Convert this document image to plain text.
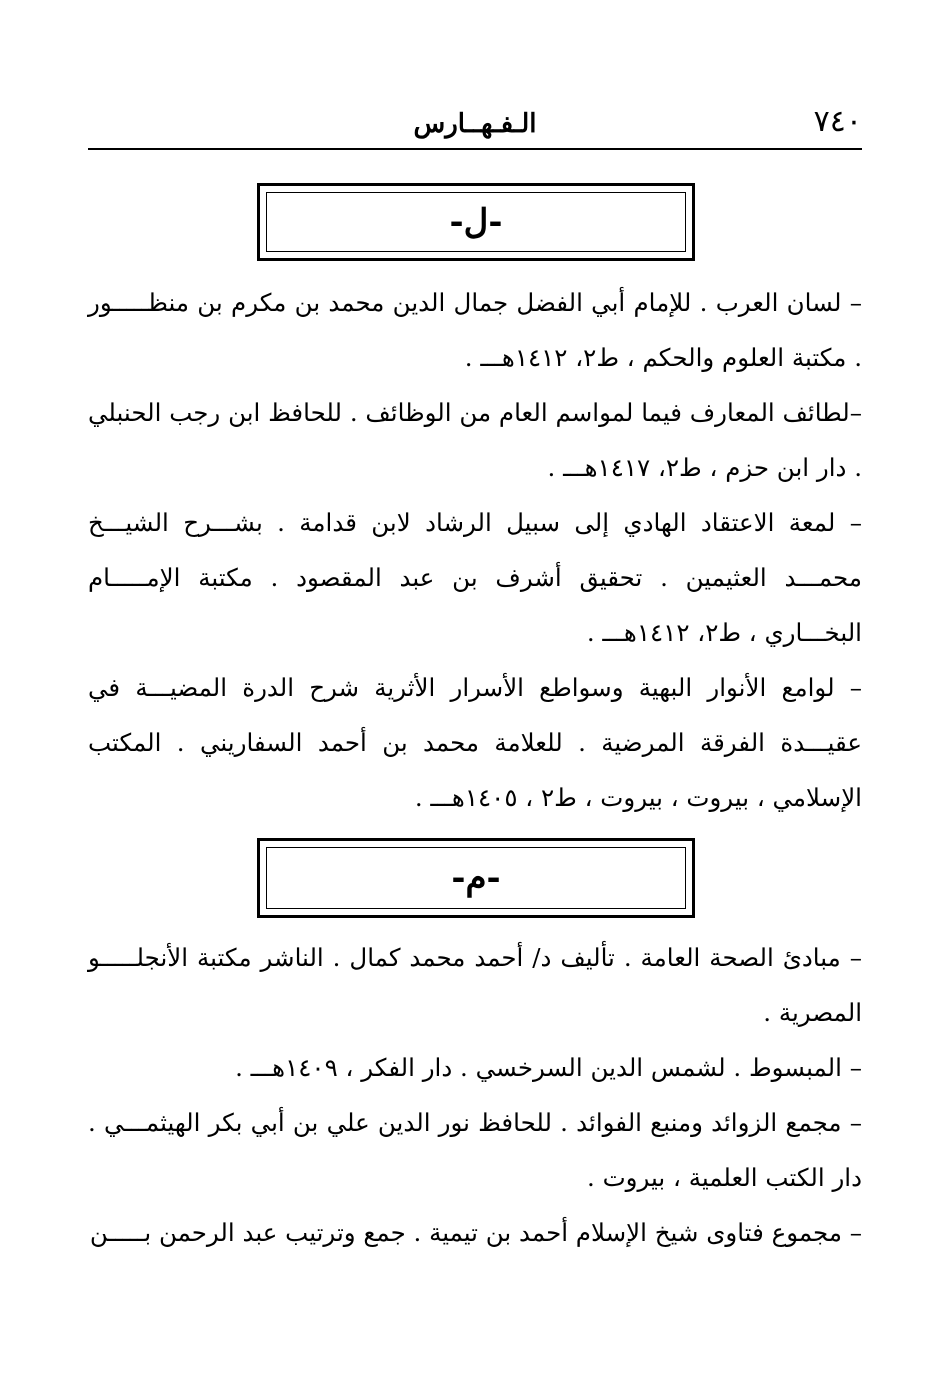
٧٤٠
الـفـهــارس
-ل-

– لسان العرب . للإمام أبي الفضل جمال الدين محمد بن مكرم بن منظـــــور . مكتبة العلوم والحكم ، ط٢، ١٤١٢هـــ .

–لطائف المعارف فيما لمواسم العام من الوظائف . للحافظ ابن رجب الحنبلي . دار ابن حزم ، ط٢، ١٤١٧هـــ .

– لمعة الاعتقاد الهادي إلى سبيل الرشاد لابن قدامة . بشـــرح الشيـــخ محمـــد العثيمين . تحقيق أشرف بن عبد المقصود . مكتبة الإمـــــام البخـــاري ، ط٢، ١٤١٢هـــ .

– لوامع الأنوار البهية وسواطع الأسرار الأثرية شرح الدرة المضيـــة في عقيـــدة الفرقة المرضية . للعلامة محمد بن أحمد السفاريني . المكتب الإسلامي ، بيروت ، بيروت ، ط٢ ، ١٤٠٥هـــ .

-م-

– مبادئ الصحة العامة . تأليف د/ أحمد محمد كمال . الناشر مكتبة الأنجلـــــو المصرية .

– المبسوط . لشمس الدين السرخسي . دار الفكر ، ١٤٠٩هـــ .

– مجمع الزوائد ومنبع الفوائد . للحافظ نور الدين علي بن أبي بكر الهيثمـــي . دار الكتب العلمية ، بيروت .

– مجموع فتاوى شيخ الإسلام أحمد بن تيمية . جمع وترتيب عبد الرحمن بـــــن
